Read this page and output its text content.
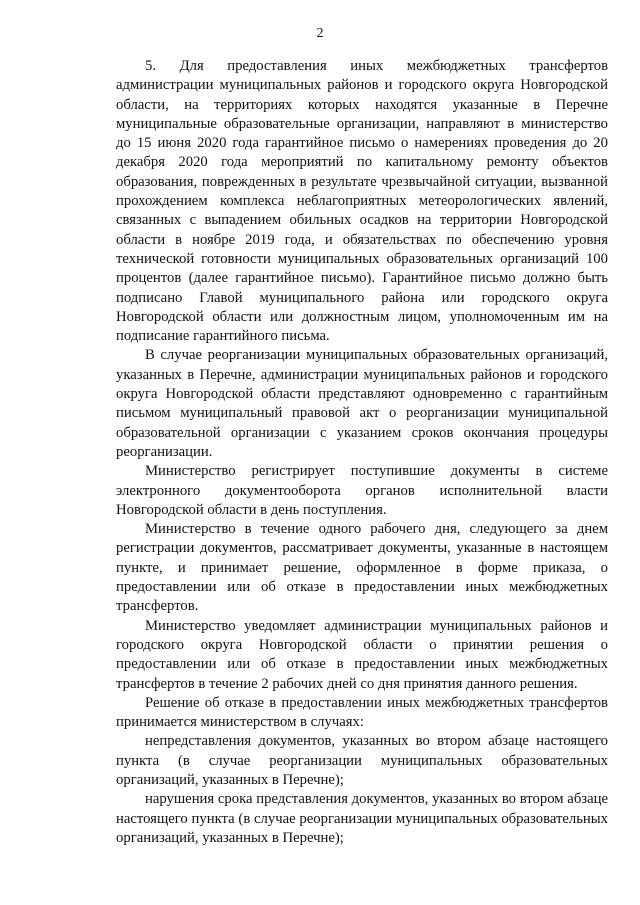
2

5. Для предоставления иных межбюджетных трансфертов администрации муниципальных районов и городского округа Новгородской области, на территориях которых находятся указанные в Перечне муниципальные образовательные организации, направляют в министерство до 15 июня 2020 года гарантийное письмо о намерениях проведения до 20 декабря 2020 года мероприятий по капитальному ремонту объектов образования, поврежденных в результате чрезвычайной ситуации, вызванной прохождением комплекса неблагоприятных метеорологических явлений, связанных с выпадением обильных осадков на территории Новгородской области в ноябре 2019 года, и обязательствах по обеспечению уровня технической готовности муниципальных образовательных организаций 100 процентов (далее гарантийное письмо). Гарантийное письмо должно быть подписано Главой муниципального района или городского округа Новгородской области или должностным лицом, уполномоченным им на подписание гарантийного письма.

В случае реорганизации муниципальных образовательных организаций, указанных в Перечне, администрации муниципальных районов и городского округа Новгородской области представляют одновременно с гарантийным письмом муниципальный правовой акт о реорганизации муниципальной образовательной организации с указанием сроков окончания процедуры реорганизации.

Министерство регистрирует поступившие документы в системе электронного документооборота органов исполнительной власти Новгородской области в день поступления.

Министерство в течение одного рабочего дня, следующего за днем регистрации документов, рассматривает документы, указанные в настоящем пункте, и принимает решение, оформленное в форме приказа, о предоставлении или об отказе в предоставлении иных межбюджетных трансфертов.

Министерство уведомляет администрации муниципальных районов и городского округа Новгородской области о принятии решения о предоставлении или об отказе в предоставлении иных межбюджетных трансфертов в течение 2 рабочих дней со дня принятия данного решения.

Решение об отказе в предоставлении иных межбюджетных трансфертов принимается министерством в случаях:

непредставления документов, указанных во втором абзаце настоящего пункта (в случае реорганизации муниципальных образовательных организаций, указанных в Перечне);

нарушения срока представления документов, указанных во втором абзаце настоящего пункта (в случае реорганизации муниципальных образовательных организаций, указанных в Перечне);
